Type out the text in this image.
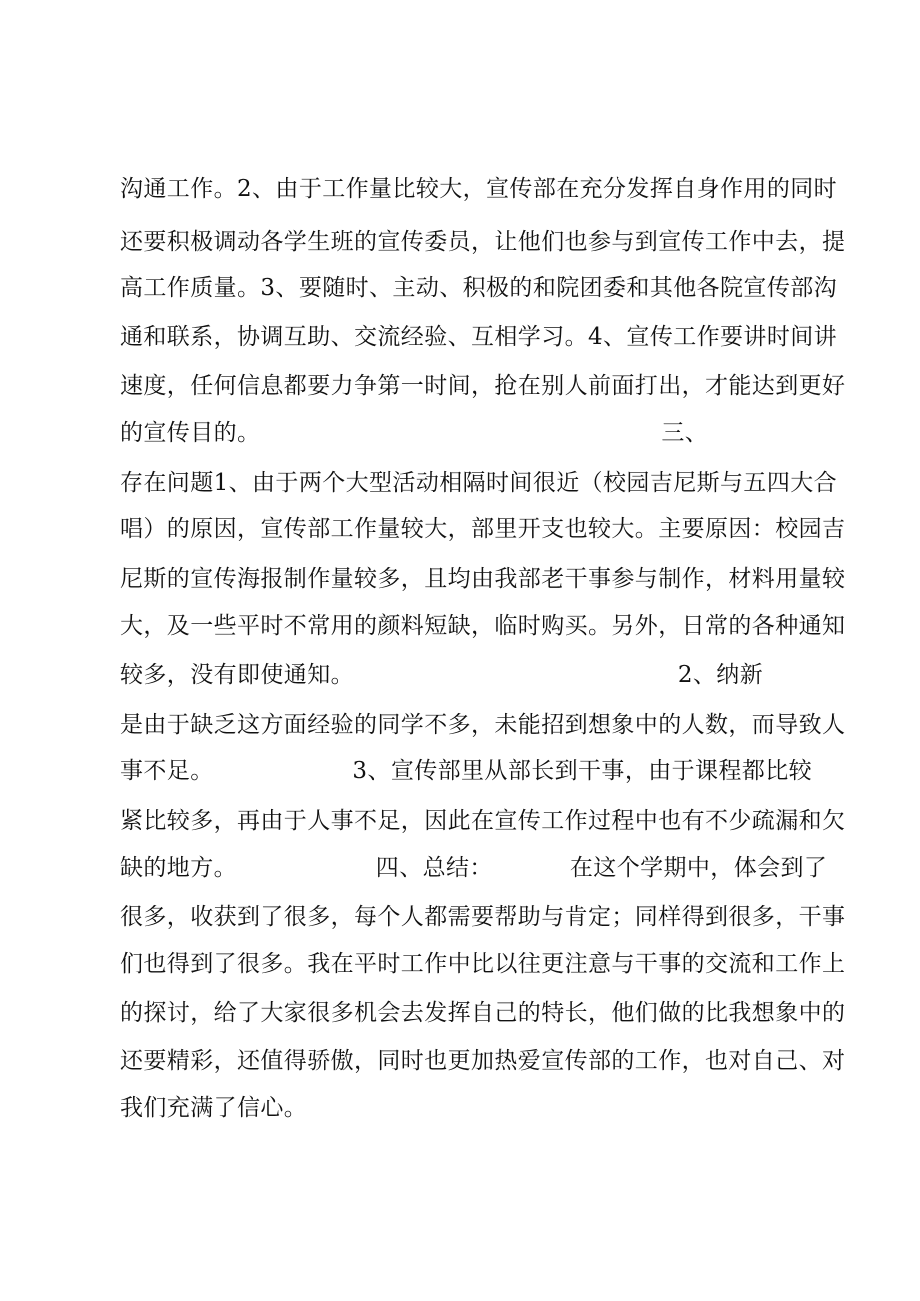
沟通工作。2、由于工作量比较大，宣传部在充分发挥自身作用的同时
还要积极调动各学生班的宣传委员，让他们也参与到宣传工作中去，提
高工作质量。3、要随时、主动、积极的和院团委和其他各院宣传部沟
通和联系，协调互助、交流经验、互相学习。4、宣传工作要讲时间讲
速度，任何信息都要力争第一时间，抢在别人前面打出，才能达到更好
的宣传目的。                                                    三、
存在问题1、由于两个大型活动相隔时间很近（校园吉尼斯与五四大合
唱）的原因，宣传部工作量较大，部里开支也较大。主要原因：校园吉
尼斯的宣传海报制作量较多，且均由我部老干事参与制作，材料用量较
大，及一些平时不常用的颜料短缺，临时购买。另外，日常的各种通知
较多，没有即使通知。                                          2、纳新
是由于缺乏这方面经验的同学不多，未能招到想象中的人数，而导致人
事不足。                  3、宣传部里从部长到干事，由于课程都比较
紧比较多，再由于人事不足，因此在宣传工作过程中也有不少疏漏和欠
缺的地方。                  四、总结：          在这个学期中，体会到了
很多，收获到了很多，每个人都需要帮助与肯定；同样得到很多，干事
们也得到了很多。我在平时工作中比以往更注意与干事的交流和工作上
的探讨，给了大家很多机会去发挥自己的特长，他们做的比我想象中的
还要精彩，还值得骄傲，同时也更加热爱宣传部的工作，也对自己、对
我们充满了信心。
